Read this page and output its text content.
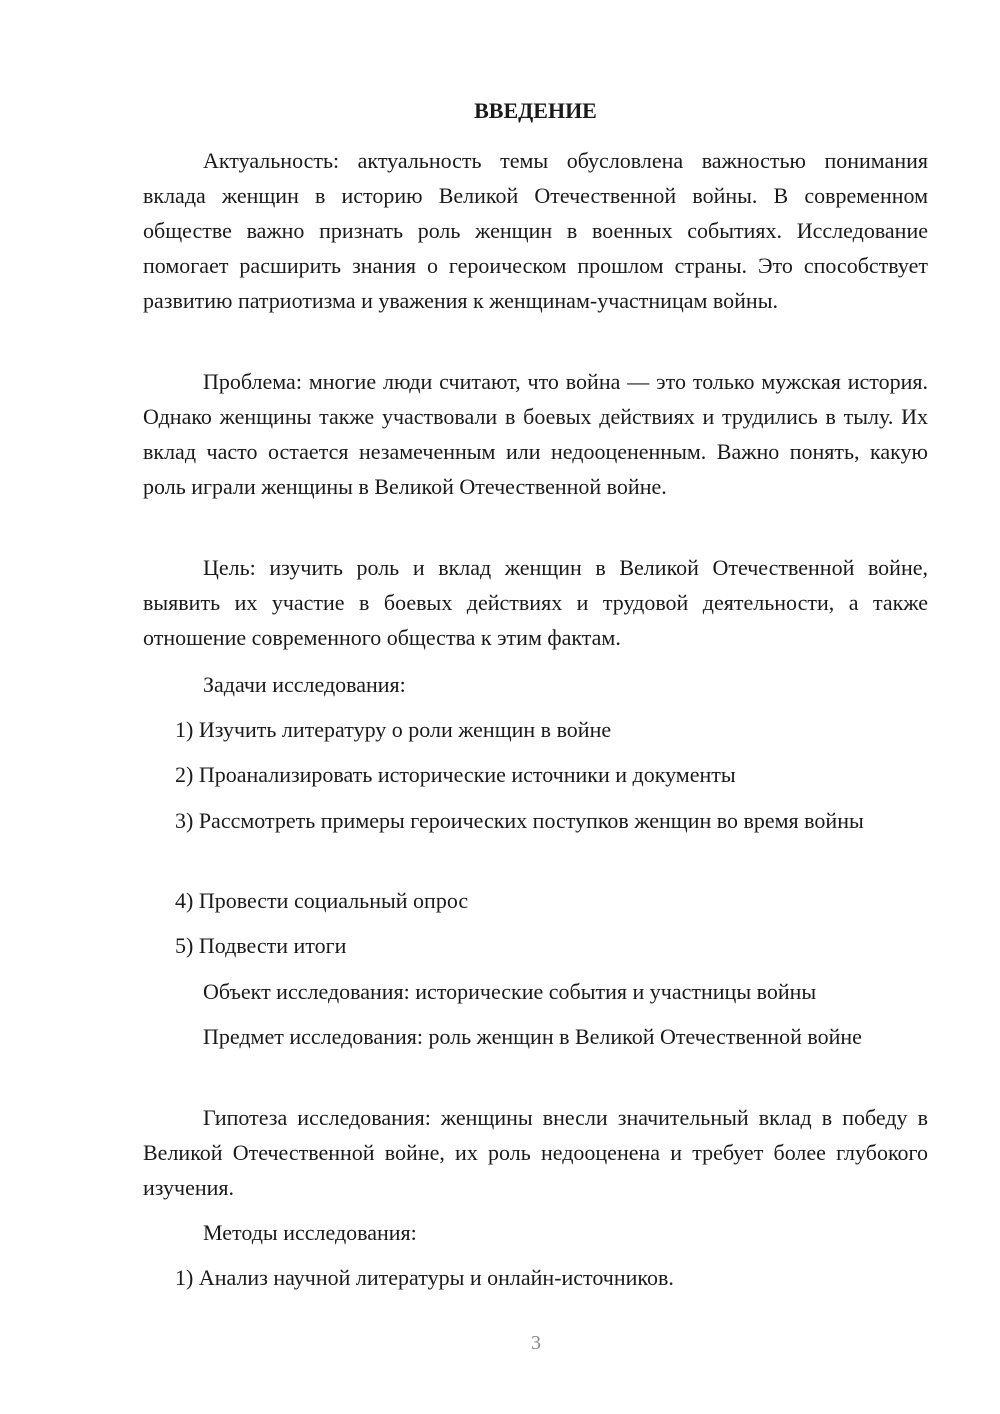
ВВЕДЕНИЕ

Актуальность: актуальность темы обусловлена важностью понимания вклада женщин в историю Великой Отечественной войны. В современном обществе важно признать роль женщин в военных событиях. Исследование помогает расширить знания о героическом прошлом страны. Это способствует развитию патриотизма и уважения к женщинам-участницам войны.

Проблема: многие люди считают, что война — это только мужская история. Однако женщины также участвовали в боевых действиях и трудились в тылу. Их вклад часто остается незамеченным или недооцененным. Важно понять, какую роль играли женщины в Великой Отечественной войне.

Цель: изучить роль и вклад женщин в Великой Отечественной войне, выявить их участие в боевых действиях и трудовой деятельности, а также отношение современного общества к этим фактам.

Задачи исследования:

1) Изучить литературу о роли женщин в войне

2) Проанализировать исторические источники и документы

3) Рассмотреть примеры героических поступков женщин во время войны

4) Провести социальный опрос

5) Подвести итоги

Объект исследования: исторические события и участницы войны

Предмет исследования: роль женщин в Великой Отечественной войне

Гипотеза исследования: женщины внесли значительный вклад в победу в Великой Отечественной войне, их роль недооценена и требует более глубокого изучения.

Методы исследования:

1) Анализ научной литературы и онлайн-источников.

3
